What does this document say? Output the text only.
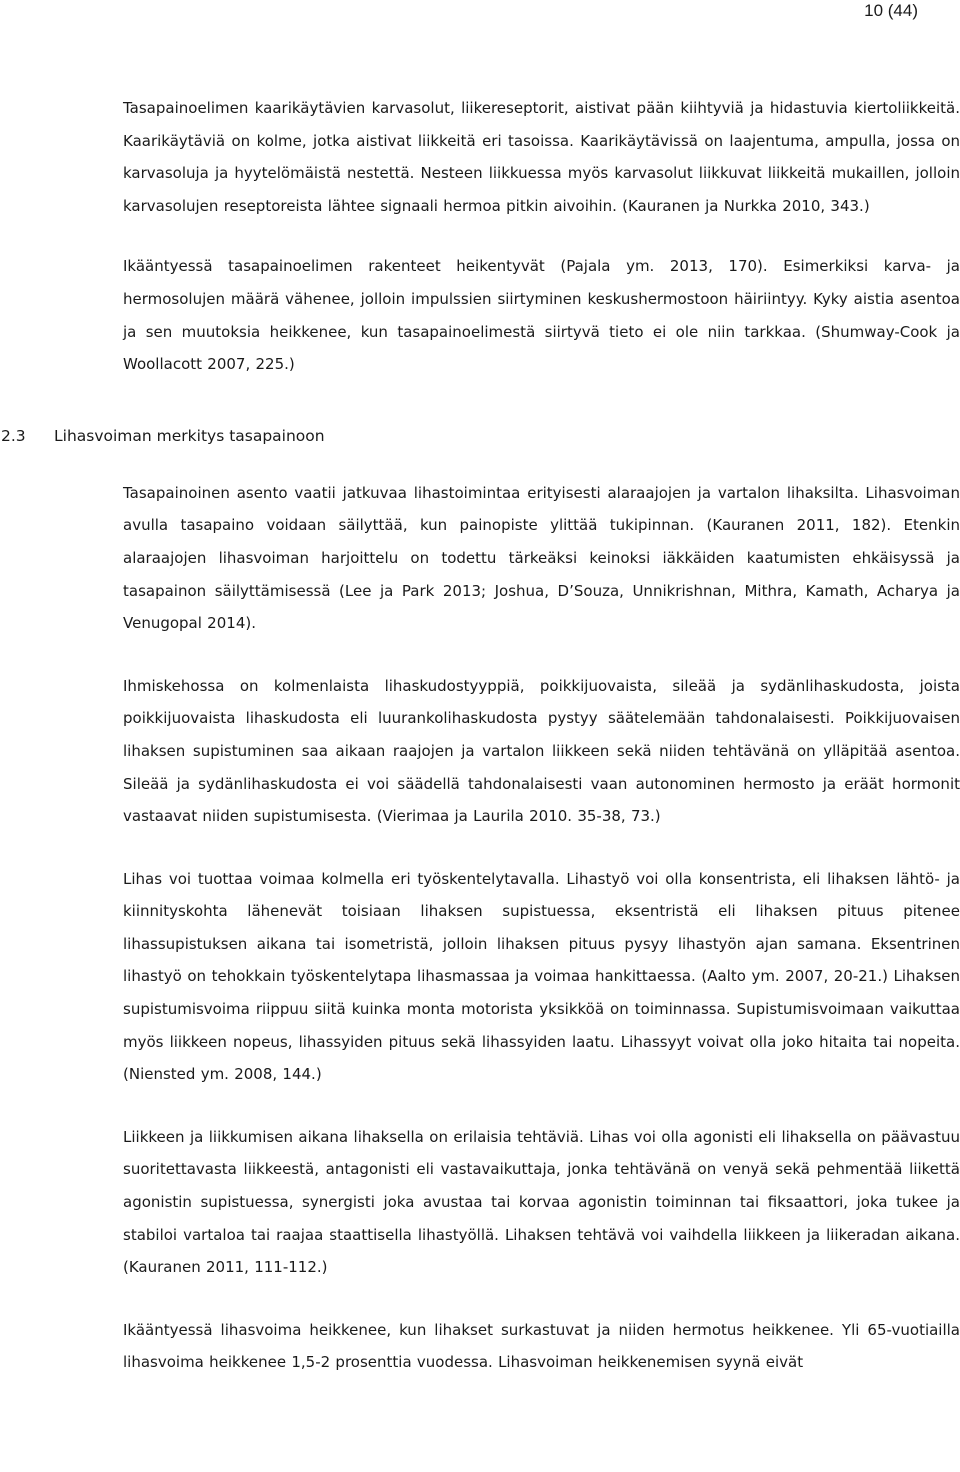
10 (44)

Tasapainoelimen kaarikäytävien karvasolut, liikereseptorit, aistivat pään kiihtyviä ja hidastuvia kiertoliikkeitä. Kaarikäytäviä on kolme, jotka aistivat liikkeitä eri tasoissa. Kaarikäytävissä on laajentuma, ampulla, jossa on karvasoluja ja hyytelömäistä nestettä. Nesteen liikkuessa myös karvasolut liikkuvat liikkeitä mukaillen, jolloin karvasolujen reseptoreista lähtee signaali hermoa pitkin aivoihin. (Kauranen ja Nurkka 2010, 343.)

Ikääntyessä tasapainoelimen rakenteet heikentyvät (Pajala ym. 2013, 170). Esimerkiksi karva- ja hermosolujen määrä vähenee, jolloin impulssien siirtyminen keskushermostoon häiriintyy. Kyky aistia asentoa ja sen muutoksia heikkenee, kun tasapainoelimestä siirtyvä tieto ei ole niin tarkkaa. (Shumway-Cook ja Woollacott 2007, 225.)

2.3	Lihasvoiman merkitys tasapainoon

Tasapainoinen asento vaatii jatkuvaa lihastoimintaa erityisesti alaraajojen ja vartalon lihaksilta. Lihasvoiman avulla tasapaino voidaan säilyttää, kun painopiste ylittää tukipinnan. (Kauranen 2011, 182). Etenkin alaraajojen lihasvoiman harjoittelu on todettu tärkeäksi keinoksi iäkkäiden kaatumisten ehkäisyssä ja tasapainon säilyttämisessä (Lee ja Park 2013; Joshua, D’Souza, Unnikrishnan, Mithra, Kamath, Acharya ja Venugopal 2014).

Ihmiskehossa on kolmenlaista lihaskudostyyppiä, poikkijuovaista, sileää ja sydänlihaskudosta, joista poikkijuovaista lihaskudosta eli luurankolihaskudosta pystyy säätelemään tahdonalaisesti. Poikkijuovaisen lihaksen supistuminen saa aikaan raajojen ja vartalon liikkeen sekä niiden tehtävänä on ylläpitää asentoa. Sileää ja sydänlihaskudosta ei voi säädellä tahdonalaisesti vaan autonominen hermosto ja eräät hormonit vastaavat niiden supistumisesta. (Vierimaa ja Laurila 2010. 35-38, 73.)

Lihas voi tuottaa voimaa kolmella eri työskentelytavalla. Lihastyö voi olla konsentrista, eli lihaksen lähtö- ja kiinnityskohta lähenevät toisiaan lihaksen supistuessa, eksentristä eli lihaksen pituus pitenee lihassupistuksen aikana tai isometristä, jolloin lihaksen pituus pysyy lihastyön ajan samana. Eksentrinen lihastyö on tehokkain työskentelytapa lihasmassaa ja voimaa hankittaessa. (Aalto ym. 2007, 20-21.) Lihaksen supistumisvoima riippuu siitä kuinka monta motorista yksikköä on toiminnassa. Supistumisvoimaan vaikuttaa myös liikkeen nopeus, lihassyiden pituus sekä lihassyiden laatu. Lihassyyt voivat olla joko hitaita tai nopeita. (Niensted ym. 2008, 144.)

Liikkeen ja liikkumisen aikana lihaksella on erilaisia tehtäviä. Lihas voi olla agonisti eli lihaksella on päävastuu suoritettavasta liikkeestä, antagonisti eli vastavaikuttaja, jonka tehtävänä on venyä sekä pehmentää liikettä agonistin supistuessa, synergisti joka avustaa tai korvaa agonistin toiminnan tai fiksaattori, joka tukee ja stabiloi vartaloa tai raajaa staattisella lihastyöllä. Lihaksen tehtävä voi vaihdella liikkeen ja liikeradan aikana. (Kauranen 2011, 111-112.)

Ikääntyessä lihasvoima heikkenee, kun lihakset surkastuvat ja niiden hermotus heikkenee. Yli 65-vuotiailla lihasvoima heikkenee 1,5-2 prosenttia vuodessa. Lihasvoiman heikkenemisen syynä eivät
